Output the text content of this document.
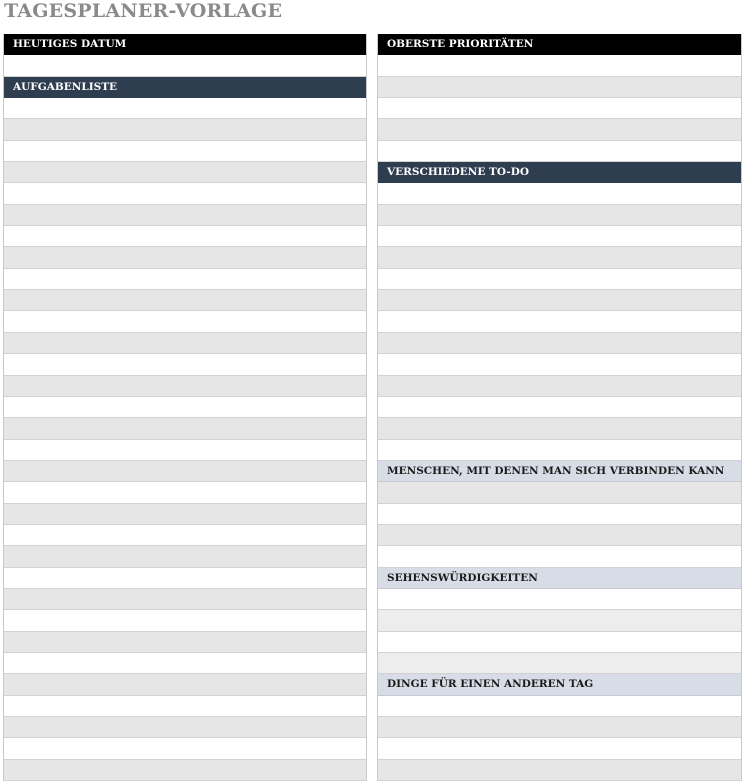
TAGESPLANER-VORLAGE
HEUTIGES DATUM
AUFGABENLISTE
OBERSTE PRIORITÄTEN
VERSCHIEDENE TO-DO
MENSCHEN, MIT DENEN MAN SICH VERBINDEN KANN
SEHENSWÜRDIGKEITEN
DINGE FÜR EINEN ANDEREN TAG
